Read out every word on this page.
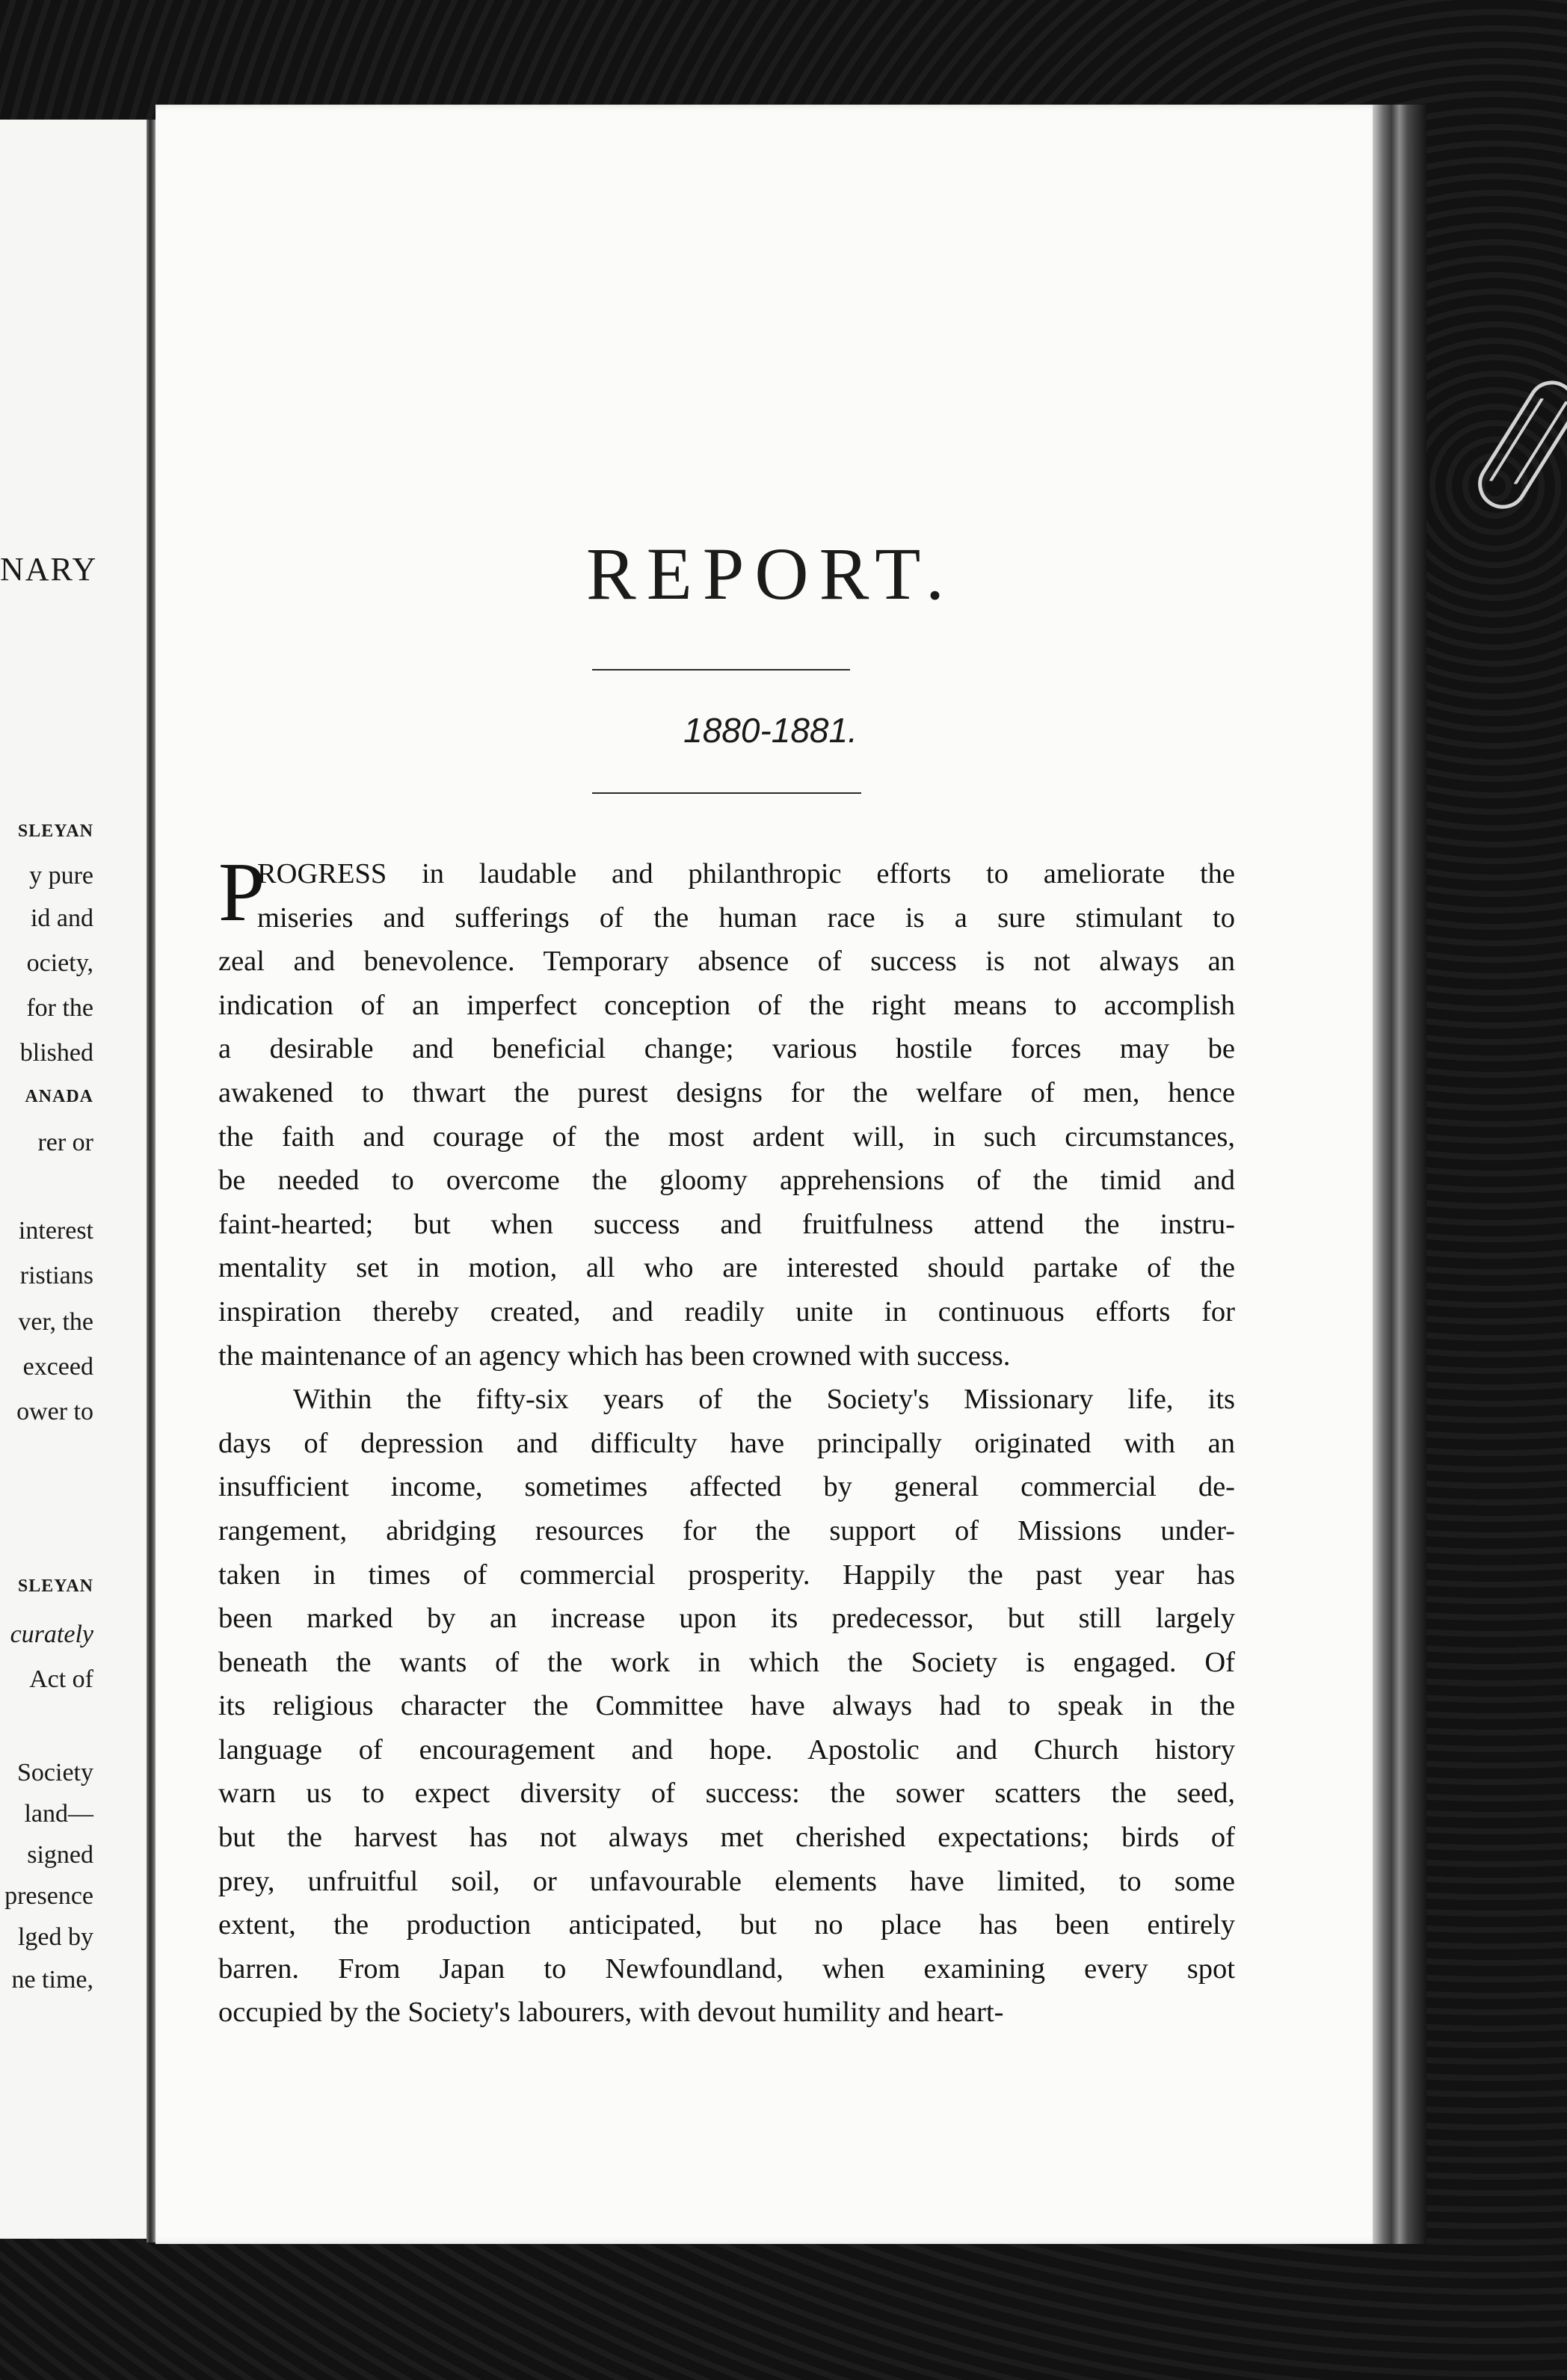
NARY
SLEYAN
y pure
id and
ociety,
for the
blished
ANADA
rer or
interest
ristians
ver, the
exceed
ower to
SLEYAN
curately
Act of
Society
land—
signed
presence
lged by
ne time,
REPORT.
1880-1881.
P
ROGRESS in laudable and philanthropic efforts to ameliorate the
miseries and sufferings of the human race is a sure stimulant to
zeal and benevolence. Temporary absence of success is not always an
indication of an imperfect conception of the right means to accomplish
a desirable and beneficial change; various hostile forces may be
awakened to thwart the purest designs for the welfare of men, hence
the faith and courage of the most ardent will, in such circumstances,
be needed to overcome the gloomy apprehensions of the timid and
faint-hearted; but when success and fruitfulness attend the instru-
mentality set in motion, all who are interested should partake of the
inspiration thereby created, and readily unite in continuous efforts for
the maintenance of an agency which has been crowned with success.
Within the fifty-six years of the Society's Missionary life, its
days of depression and difficulty have principally originated with an
insufficient income, sometimes affected by general commercial de-
rangement, abridging resources for the support of Missions under-
taken in times of commercial prosperity. Happily the past year has
been marked by an increase upon its predecessor, but still largely
beneath the wants of the work in which the Society is engaged. Of
its religious character the Committee have always had to speak in the
language of encouragement and hope. Apostolic and Church history
warn us to expect diversity of success: the sower scatters the seed,
but the harvest has not always met cherished expectations; birds of
prey, unfruitful soil, or unfavourable elements have limited, to some
extent, the production anticipated, but no place has been entirely
barren. From Japan to Newfoundland, when examining every spot
occupied by the Society's labourers, with devout humility and heart-
